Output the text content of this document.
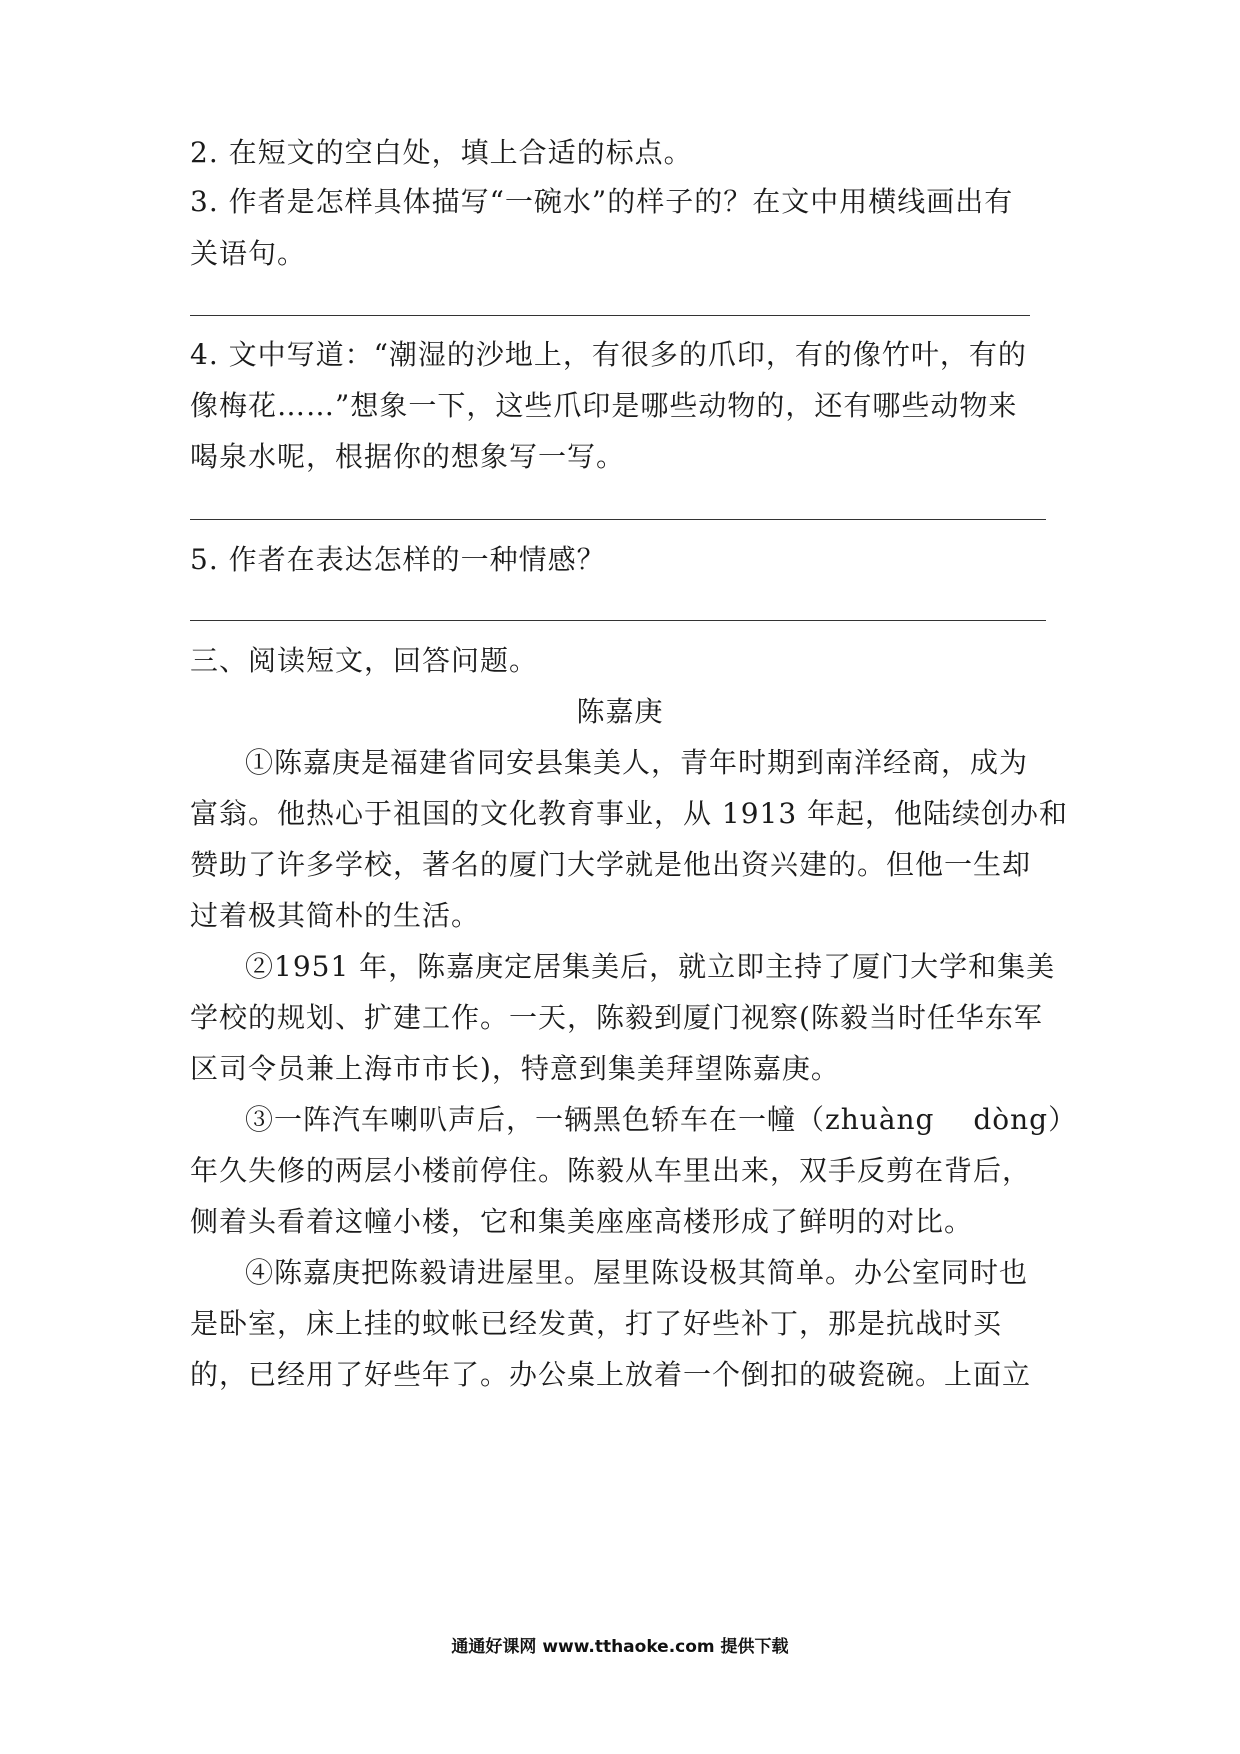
2. 在短文的空白处，填上合适的标点。
3. 作者是怎样具体描写“一碗水”的样子的？在文中用横线画出有
关语句。
4. 文中写道：“潮湿的沙地上，有很多的爪印，有的像竹叶，有的
像梅花……”想象一下，这些爪印是哪些动物的，还有哪些动物来
喝泉水呢，根据你的想象写一写。
5. 作者在表达怎样的一种情感？
三、阅读短文，回答问题。
陈嘉庚
①陈嘉庚是福建省同安县集美人，青年时期到南洋经商，成为
富翁。他热心于祖国的文化教育事业，从 1913 年起，他陆续创办和
赞助了许多学校，著名的厦门大学就是他出资兴建的。但他一生却
过着极其简朴的生活。
②1951 年，陈嘉庚定居集美后，就立即主持了厦门大学和集美
学校的规划、扩建工作。一天，陈毅到厦门视察(陈毅当时任华东军
区司令员兼上海市市长)，特意到集美拜望陈嘉庚。
③一阵汽车喇叭声后，一辆黑色轿车在一幢（zhuàng　 dòng）
年久失修的两层小楼前停住。陈毅从车里出来，双手反剪在背后，
侧着头看着这幢小楼，它和集美座座高楼形成了鲜明的对比。
④陈嘉庚把陈毅请进屋里。屋里陈设极其简单。办公室同时也
是卧室，床上挂的蚊帐已经发黄，打了好些补丁，那是抗战时买
的，已经用了好些年了。办公桌上放着一个倒扣的破瓷碗。上面立
通通好课网 www.tthaoke.com 提供下载
